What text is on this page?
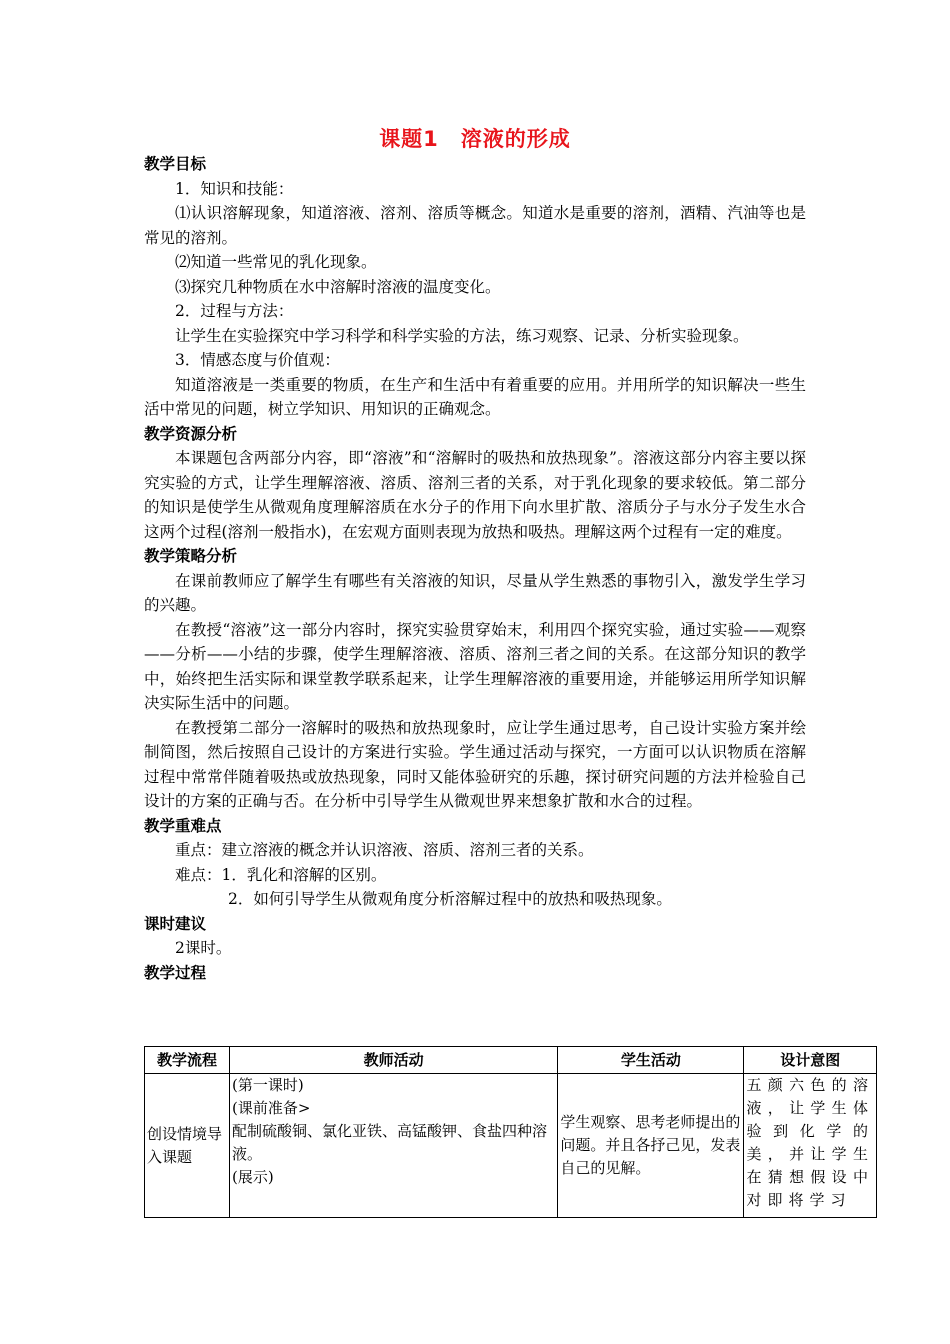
课题1　溶液的形成
教学目标
1．知识和技能：
⑴认识溶解现象，知道溶液、溶剂、溶质等概念。知道水是重要的溶剂，酒精、汽油等也是常见的溶剂。
⑵知道一些常见的乳化现象。
⑶探究几种物质在水中溶解时溶液的温度变化。
2．过程与方法：
让学生在实验探究中学习科学和科学实验的方法，练习观察、记录、分析实验现象。
3．情感态度与价值观：
知道溶液是一类重要的物质，在生产和生活中有着重要的应用。并用所学的知识解决一些生活中常见的问题，树立学知识、用知识的正确观念。
教学资源分析
本课题包含两部分内容，即“溶液”和“溶解时的吸热和放热现象”。溶液这部分内容主要以探究实验的方式，让学生理解溶液、溶质、溶剂三者的关系，对于乳化现象的要求较低。第二部分的知识是使学生从微观角度理解溶质在水分子的作用下向水里扩散、溶质分子与水分子发生水合这两个过程(溶剂一般指水)，在宏观方面则表现为放热和吸热。理解这两个过程有一定的难度。
教学策略分析
在课前教师应了解学生有哪些有关溶液的知识，尽量从学生熟悉的事物引入，激发学生学习的兴趣。
在教授“溶液”这一部分内容时，探究实验贯穿始末，利用四个探究实验，通过实验——观察——分析——小结的步骤，使学生理解溶液、溶质、溶剂三者之间的关系。在这部分知识的教学中，始终把生活实际和课堂教学联系起来，让学生理解溶液的重要用途，并能够运用所学知识解决实际生活中的问题。
在教授第二部分一溶解时的吸热和放热现象时，应让学生通过思考，自己设计实验方案并绘制简图，然后按照自己设计的方案进行实验。学生通过活动与探究，一方面可以认识物质在溶解过程中常常伴随着吸热或放热现象，同时又能体验研究的乐趣，探讨研究问题的方法并检验自己设计的方案的正确与否。在分析中引导学生从微观世界来想象扩散和水合的过程。
教学重难点
重点：建立溶液的概念并认识溶液、溶质、溶剂三者的关系。
难点：1．乳化和溶解的区别。
2．如何引导学生从微观角度分析溶解过程中的放热和吸热现象。
课时建议
2课时。
教学过程
教学流程	教师活动	学生活动	设计意图

创设情境导入课题	(第一课时)
(课前准备>
配制硫酸铜、氯化亚铁、高锰酸钾、食盐四种溶液。
(展示)	学生观察、思考老师提出的问题。并且各抒己见，发表自己的见解。	五颜六色的溶液，让学生体验到化学的美，并让学生在猜想假设中对即将学习
